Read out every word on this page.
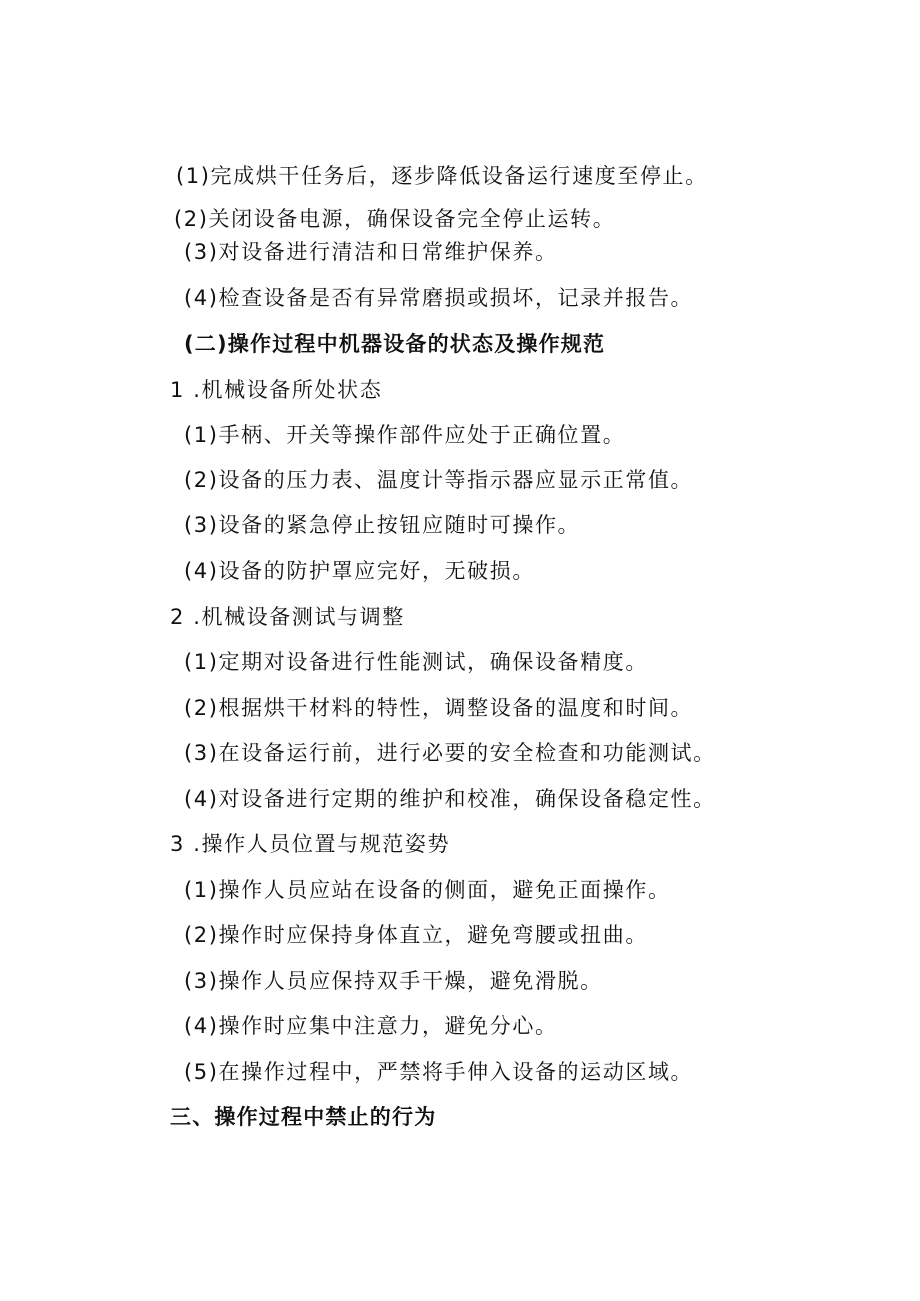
(1)完成烘干任务后，逐步降低设备运行速度至停止。
(2)关闭设备电源，确保设备完全停止运转。
(3)对设备进行清洁和日常维护保养。
(4)检查设备是否有异常磨损或损坏，记录并报告。
(二)操作过程中机器设备的状态及操作规范
1 .机械设备所处状态
(1)手柄、开关等操作部件应处于正确位置。
(2)设备的压力表、温度计等指示器应显示正常值。
(3)设备的紧急停止按钮应随时可操作。
(4)设备的防护罩应完好，无破损。
2 .机械设备测试与调整
(1)定期对设备进行性能测试，确保设备精度。
(2)根据烘干材料的特性，调整设备的温度和时间。
(3)在设备运行前，进行必要的安全检查和功能测试。
(4)对设备进行定期的维护和校准，确保设备稳定性。
3 .操作人员位置与规范姿势
(1)操作人员应站在设备的侧面，避免正面操作。
(2)操作时应保持身体直立，避免弯腰或扭曲。
(3)操作人员应保持双手干燥，避免滑脱。
(4)操作时应集中注意力，避免分心。
(5)在操作过程中，严禁将手伸入设备的运动区域。
三、操作过程中禁止的行为
